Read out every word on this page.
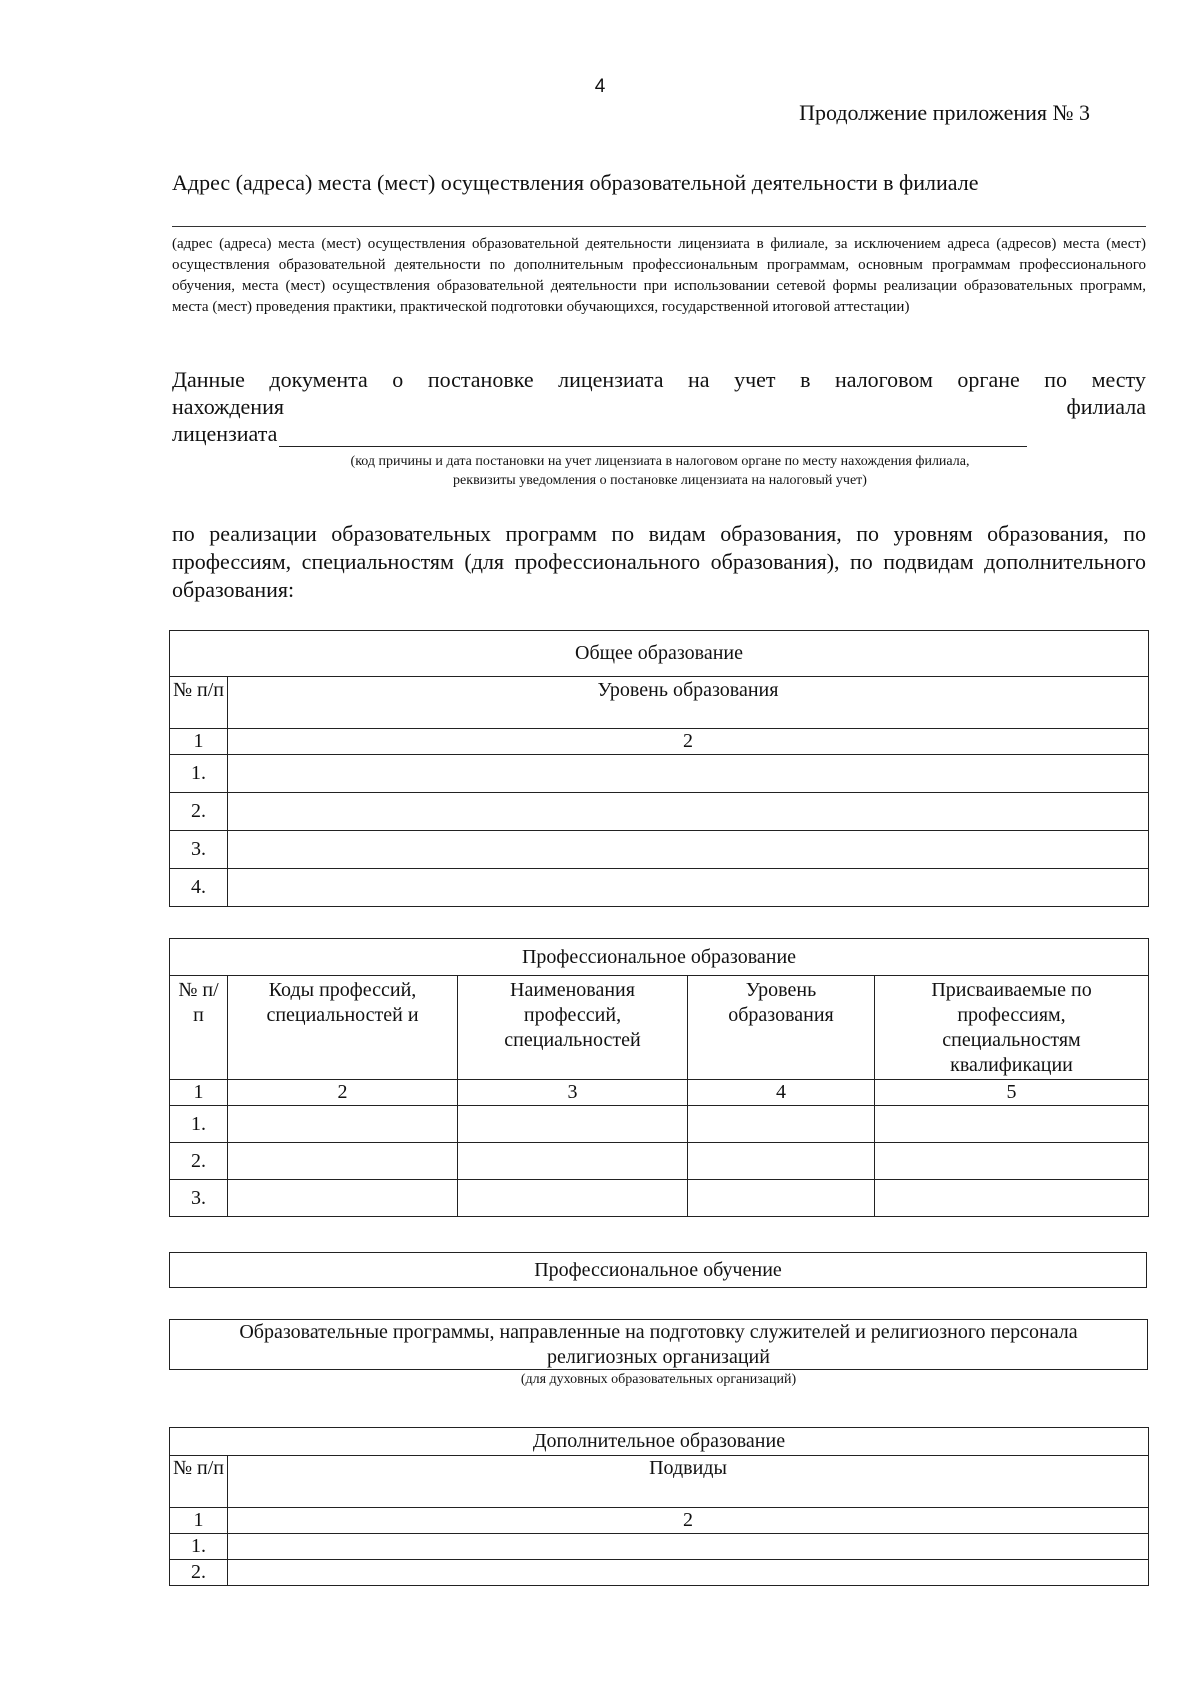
4
Продолжение приложения № 3
Адрес (адреса) места (мест) осуществления образовательной деятельности в филиале
(адрес (адреса) места (мест) осуществления образовательной деятельности лицензиата в филиале, за исключением адреса (адресов) места (мест) осуществления образовательной деятельности по дополнительным профессиональным программам, основным программам профессионального обучения, места (мест) осуществления образовательной деятельности при использовании сетевой формы реализации образовательных программ, места (мест) проведения практики, практической подготовки обучающихся, государственной итоговой аттестации)
Данные документа о постановке лицензиата на учет в налоговом органе по месту
нахождения	филиала
лицензиата
(код причины и дата постановки на учет лицензиата в налоговом органе по месту нахождения филиала,
реквизиты уведомления о постановке лицензиата на налоговый учет)
по реализации образовательных программ по видам образования, по уровням образования, по профессиям, специальностям (для профессионального образования), по подвидам дополнительного образования:
Общее образование	
№ п/п	Уровень образования
1	2
1.	
2.	
3.	
4.	
Профессиональное образование				
№ п/п	Коды профессий, специальностей и	Наименования профессий, специальностей	Уровень образования	Присваиваемые по профессиям, специальностям квалификации
1	2	3	4	5
1.				
2.				
3.				
Профессиональное обучение
Образовательные программы, направленные на подготовку служителей и религиозного персонала религиозных организаций
(для духовных образовательных организаций)
Дополнительное образование	
№ п/п	Подвиды
1	2
1.	
2.	
